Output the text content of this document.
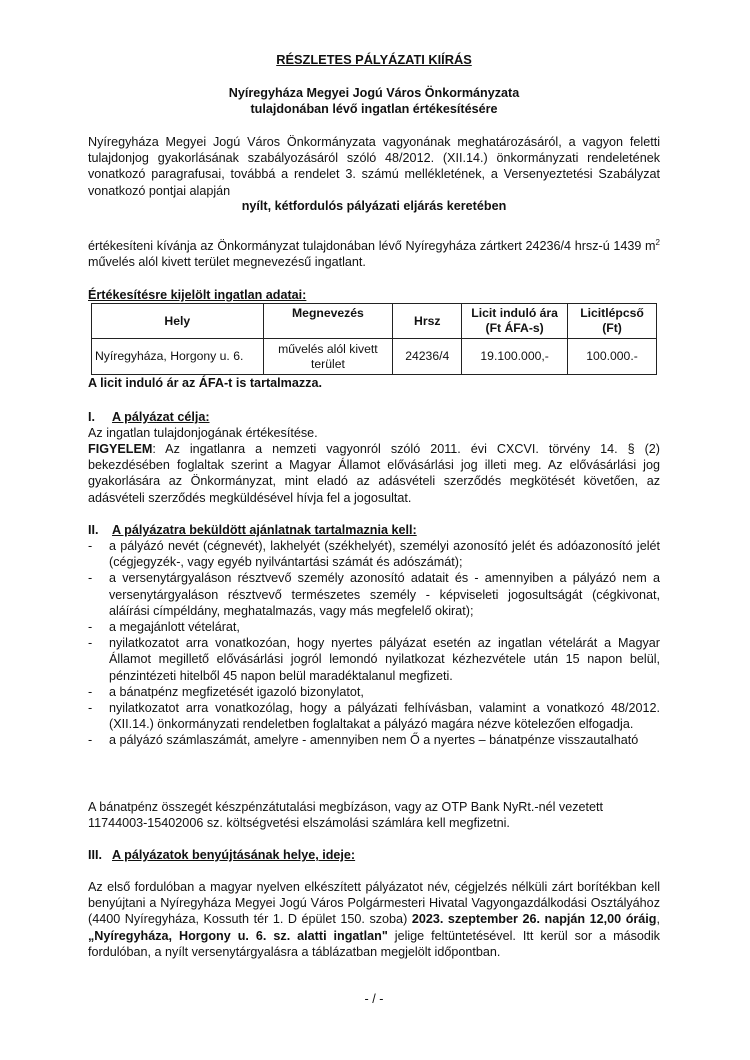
RÉSZLETES PÁLYÁZATI KIÍRÁS
Nyíregyháza Megyei Jogú Város Önkormányzata
tulajdonában lévő ingatlan értékesítésére
Nyíregyháza Megyei Jogú Város Önkormányzata vagyonának meghatározásáról, a vagyon feletti tulajdonjog gyakorlásának szabályozásáról szóló 48/2012. (XII.14.) önkormányzati rendeletének vonatkozó paragrafusai, továbbá a rendelet 3. számú mellékletének, a Versenyeztetési Szabályzat vonatkozó pontjai alapján
nyílt, kétfordulós pályázati eljárás keretében
értékesíteni kívánja az Önkormányzat tulajdonában lévő Nyíregyháza zártkert 24236/4 hrsz-ú 1439 $m^2$ művelés alól kivett terület megnevezésű ingatlant.
Értékesítésre kijelölt ingatlan adatai:
Hely	Megnevezés	Hrsz	Licit induló ára (Ft ÁFA-s)	Licitlépcső (Ft)
Nyíregyháza, Horgony u. 6.	művelés alól kivett terület	24236/4	19.100.000,-	100.000.-
A licit induló ár az ÁFA-t is tartalmazza.
I. A pályázat célja:
Az ingatlan tulajdonjogának értékesítése.
FIGYELEM: Az ingatlanra a nemzeti vagyonról szóló 2011. évi CXCVI. törvény 14. § (2) bekezdésében foglaltak szerint a Magyar Államot elővásárlási jog illeti meg. Az elővásárlási jog gyakorlására az Önkormányzat, mint eladó az adásvételi szerződés megkötését követően, az adásvételi szerződés megküldésével hívja fel a jogosultat.
II. A pályázatra beküldött ajánlatnak tartalmaznia kell:
- a pályázó nevét (cégnevét), lakhelyét (székhelyét), személyi azonosító jelét és adóazonosító jelét (cégjegyzék-, vagy egyéb nyilvántartási számát és adószámát);
- a versenytárgyaláson résztvevő személy azonosító adatait és - amennyiben a pályázó nem a versenytárgyaláson résztvevő természetes személy - képviseleti jogosultságát (cégkivonat, aláírási címpéldány, meghatalmazás, vagy más megfelelő okirat);
- a megajánlott vételárat,
- nyilatkozatot arra vonatkozóan, hogy nyertes pályázat esetén az ingatlan vételárát a Magyar Államot megillető elővásárlási jogról lemondó nyilatkozat kézhezvétele után 15 napon belül, pénzintézeti hitelből 45 napon belül maradéktalanul megfizeti.
- a bánatpénz megfizetését igazoló bizonylatot,
- nyilatkozatot arra vonatkozólag, hogy a pályázati felhívásban, valamint a vonatkozó 48/2012.(XII.14.) önkormányzati rendeletben foglaltakat a pályázó magára nézve kötelezően elfogadja.
- a pályázó számlaszámát, amelyre - amennyiben nem Ő a nyertes – bánatpénze visszautalható
A bánatpénz összegét készpénzátutalási megbízáson, vagy az OTP Bank NyRt.-nél vezetett 11744003-15402006 sz. költségvetési elszámolási számlára kell megfizetni.
III. A pályázatok benyújtásának helye, ideje:
Az első fordulóban a magyar nyelven elkészített pályázatot név, cégjelzés nélküli zárt borítékban kell benyújtani a Nyíregyháza Megyei Jogú Város Polgármesteri Hivatal Vagyongazdálkodási Osztályához (4400 Nyíregyháza, Kossuth tér 1. D épület 150. szoba) 2023. szeptember 26. napján 12,00 óráig, „Nyíregyháza, Horgony u. 6. sz. alatti ingatlan" jelige feltüntetésével. Itt kerül sor a második fordulóban, a nyílt versenytárgyalásra a táblázatban megjelölt időpontban.
- / -
